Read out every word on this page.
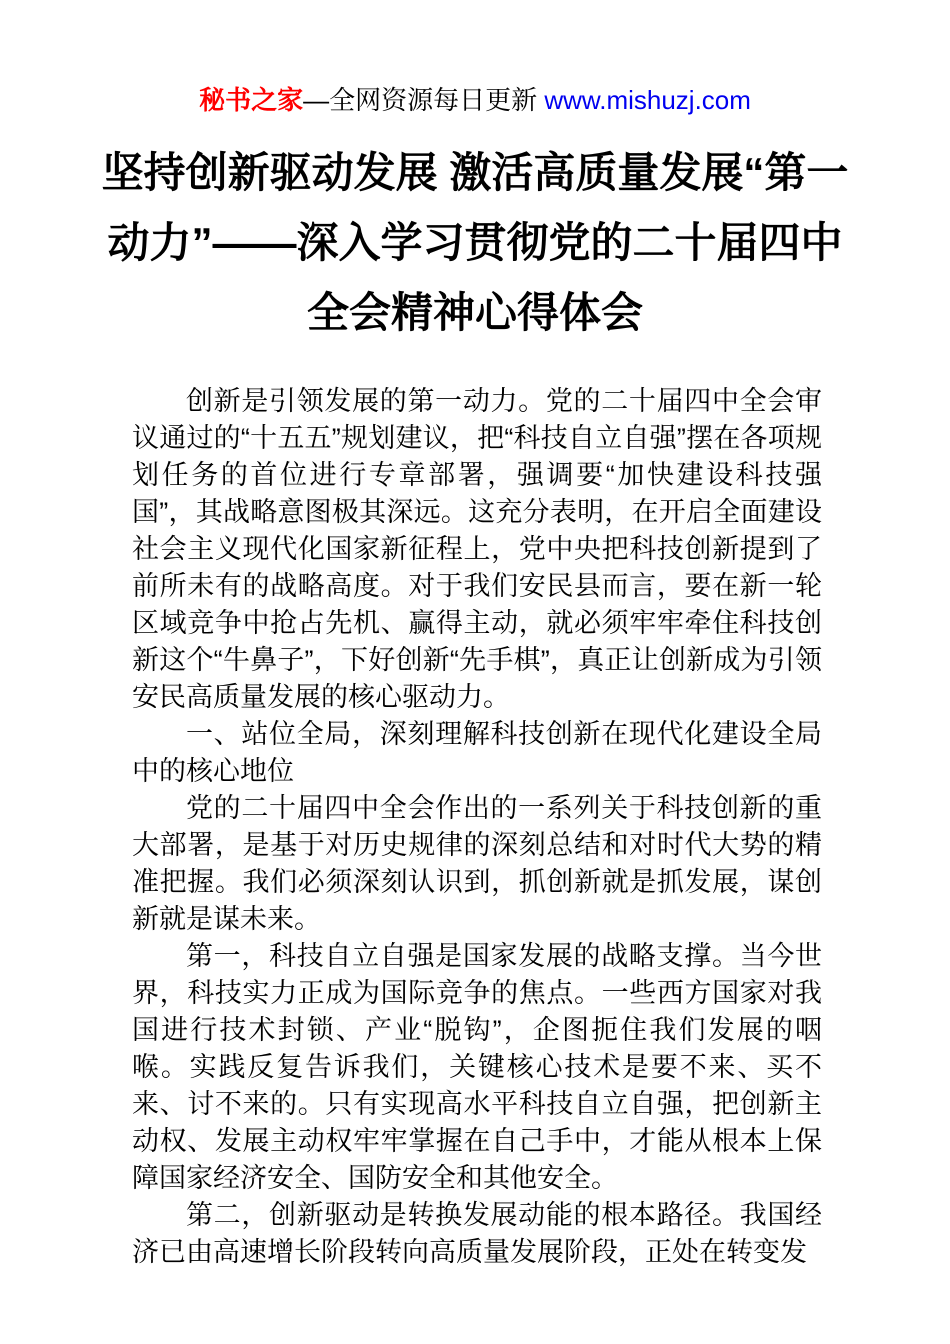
秘书之家—全网资源每日更新 www.mishuzj.com
坚持创新驱动发展 激活高质量发展“第一
动力”——深入学习贯彻党的二十届四中
全会精神心得体会

创新是引领发展的第一动力。党的二十届四中全会审议通过的“十五五”规划建议，把“科技自立自强”摆在各项规划任务的首位进行专章部署，强调要“加快建设科技强国”，其战略意图极其深远。这充分表明，在开启全面建设社会主义现代化国家新征程上，党中央把科技创新提到了前所未有的战略高度。对于我们安民县而言，要在新一轮区域竞争中抢占先机、赢得主动，就必须牢牢牵住科技创新这个“牛鼻子”，下好创新“先手棋”，真正让创新成为引领安民高质量发展的核心驱动力。

一、站位全局，深刻理解科技创新在现代化建设全局中的核心地位

党的二十届四中全会作出的一系列关于科技创新的重大部署，是基于对历史规律的深刻总结和对时代大势的精准把握。我们必须深刻认识到，抓创新就是抓发展，谋创新就是谋未来。

第一，科技自立自强是国家发展的战略支撑。当今世界，科技实力正成为国际竞争的焦点。一些西方国家对我国进行技术封锁、产业“脱钩”，企图扼住我们发展的咽喉。实践反复告诉我们，关键核心技术是要不来、买不来、讨不来的。只有实现高水平科技自立自强，把创新主动权、发展主动权牢牢掌握在自己手中，才能从根本上保障国家经济安全、国防安全和其他安全。

第二，创新驱动是转换发展动能的根本路径。我国经济已由高速增长阶段转向高质量发展阶段，正处在转变发
